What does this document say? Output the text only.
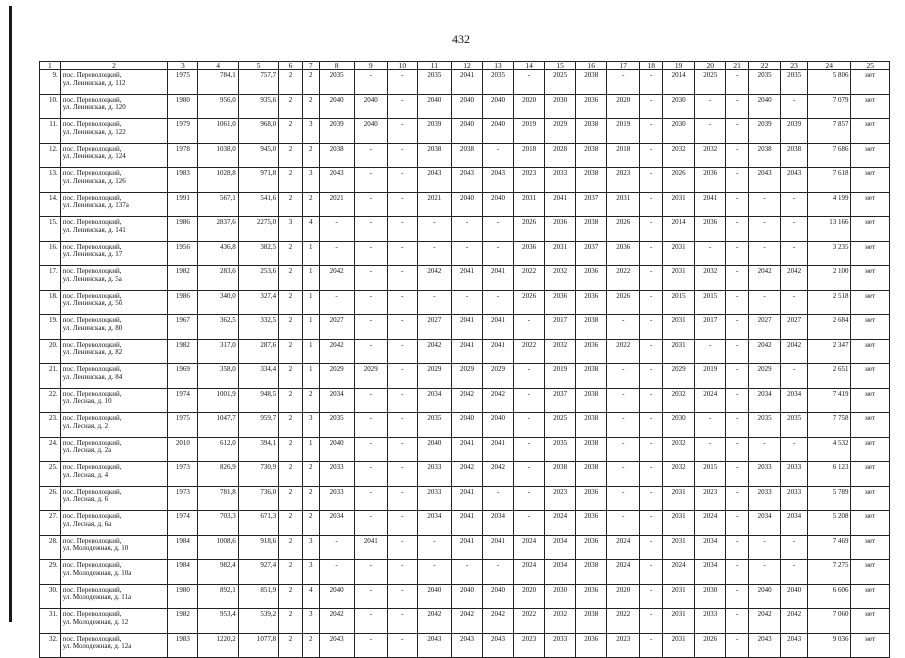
432
1	2	3	4	5	6	7	8	9	10	11	12	13	14	15	16	17	18	19	20	21	22	23	24	25
9.	пос. Переволоцкий,
ул. Ленинская, д. 112	1975	784,1	757,7	2	2	2035	-	-	2035	2041	2035	-	2025	2038	-	-	2014	2025	-	2035	2035	5 806	нет
10.	пос. Переволоцкий,
ул. Ленинская, д. 120	1980	956,0	935,6	2	2	2040	2040	-	2040	2040	2040	2020	2030	2036	2020	-	2030	-	-	2040	-	7 079	нет
11.	пос. Переволоцкий,
ул. Ленинская, д. 122	1979	1061,0	968,0	2	3	2039	2040	-	2039	2040	2040	2019	2029	2038	2019	-	2030	-	-	2039	2039	7 857	нет
12.	пос. Переволоцкий,
ул. Ленинская, д. 124	1978	1038,0	945,0	2	2	2038	-	-	2038	2038	-	2018	2028	2038	2018	-	2032	2032	-	2038	2038	7 686	нет
13.	пос. Переволоцкий,
ул. Ленинская, д. 126	1983	1028,8	971,8	2	3	2043	-	-	2043	2043	2043	2023	2033	2038	2023	-	2026	2036	-	2043	2043	7 618	нет
14.	пос. Переволоцкий,
ул. Ленинская, д. 137а	1991	567,1	541,6	2	2	2021	-	-	2021	2040	2040	2031	2041	2037	2031	-	2031	2041	-	-	-	4 199	нет
15.	пос. Переволоцкий,
ул. Ленинская, д. 141	1986	2837,6	2275,0	3	4	-	-	-	-	-	-	2026	2036	2038	2026	-	2014	2036	-	-	-	13 166	нет
16.	пос. Переволоцкий,
ул. Ленинская, д. 17	1956	436,8	382,5	2	1	-	-	-	-	-	-	2036	2031	2037	2036	-	2031	-	-	-	-	3 235	нет
17.	пос. Переволоцкий,
ул. Ленинская, д. 5а	1982	283,6	253,6	2	1	2042	-	-	2042	2041	2041	2022	2032	2036	2022	-	2031	2032	-	2042	2042	2 100	нет
18.	пос. Переволоцкий,
ул. Ленинская, д. 5б	1986	340,0	327,4	2	1	-	-	-	-	-	-	2026	2036	2036	2026	-	2015	2015	-	-	-	2 518	нет
19.	пос. Переволоцкий,
ул. Ленинская, д. 80	1967	362,5	332,5	2	1	2027	-	-	2027	2041	2041	-	2017	2038	-	-	2031	2017	-	2027	2027	2 684	нет
20.	пос. Переволоцкий,
ул. Ленинская, д. 82	1982	317,0	287,6	2	1	2042	-	-	2042	2041	2041	2022	2032	2036	2022	-	2031	-	-	2042	2042	2 347	нет
21.	пос. Переволоцкий,
ул. Ленинская, д. 84	1969	358,0	334,4	2	1	2029	2029	-	2029	2029	2029	-	2019	2038	-	-	2029	2019	-	2029	-	2 651	нет
22.	пос. Переволоцкий,
ул. Лесная, д. 10	1974	1001,9	948,5	2	2	2034	-	-	2034	2042	2042	-	2037	2038	-	-	2032	2024	-	2034	2034	7 419	нет
23.	пос. Переволоцкий,
ул. Лесная, д. 2	1975	1047,7	959,7	2	3	2035	-	-	2035	2040	2040	-	2025	2038	-	-	2030	-	-	2035	2035	7 758	нет
24.	пос. Переволоцкий,
ул. Лесная, д. 2а	2010	612,0	394,1	2	1	2040	-	-	2040	2041	2041	-	2035	2038	-	-	2032	-	-	-	-	4 532	нет
25.	пос. Переволоцкий,
ул. Лесная, д. 4	1973	826,9	730,9	2	2	2033	-	-	2033	2042	2042	-	2038	2038	-	-	2032	2015	-	2033	2033	6 123	нет
26.	пос. Переволоцкий,
ул. Лесная, д. 6	1973	781,8	736,0	2	2	2033	-	-	2033	2041	-	-	2023	2036	-	-	2031	2023	-	2033	2033	5 789	нет
27.	пос. Переволоцкий,
ул. Лесная, д. 6а	1974	703,3	671,3	2	2	2034	-	-	2034	2041	2034	-	2024	2036	-	-	2031	2024	-	2034	2034	5 208	нет
28.	пос. Переволоцкий,
ул. Молодежная, д. 10	1984	1008,6	918,6	2	3	-	2041	-	-	2041	2041	2024	2034	2036	2024	-	2031	2034	-	-	-	7 469	нет
29.	пос. Переволоцкий,
ул. Молодежная, д. 10а	1984	982,4	927,4	2	3	-	-	-	-	-	-	2024	2034	2038	2024	-	2024	2034	-	-	-	7 275	нет
30.	пос. Переволоцкий,
ул. Молодежная, д. 11а	1980	892,1	851,9	2	4	2040	-	-	2040	2040	2040	2020	2030	2036	2020	-	2031	2030	-	2040	2040	6 606	нет
31.	пос. Переволоцкий,
ул. Молодежная, д. 12	1982	953,4	539,2	2	3	2042	-	-	2042	2042	2042	2022	2032	2038	2022	-	2031	2033	-	2042	2042	7 060	нет
32.	пос. Переволоцкий,
ул. Молодежная, д. 12а	1983	1220,2	1077,8	2	2	2043	-	-	2043	2043	2043	2023	2033	2036	2023	-	2031	2026	-	2043	2043	9 036	нет
